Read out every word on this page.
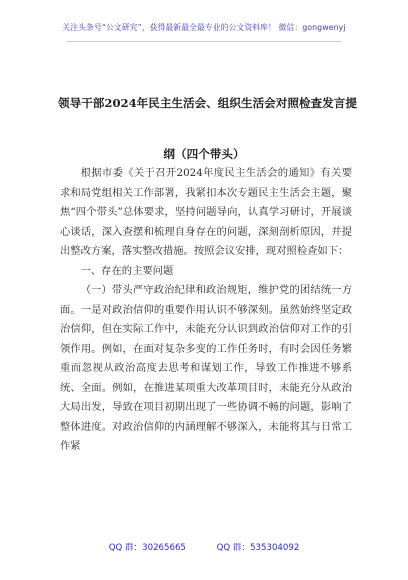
关注头条号“公文研究”，获得最新最全最专业的公文资料库！ 微信：gongwenyj
领导干部2024年民主生活会、组织生活会对照检查发言提
纲（四个带头）

根据市委《关于召开2024年度民主生活会的通知》有关要求和局党组相关工作部署，我紧扣本次专题民主生活会主题，聚焦“四个带头”总体要求，坚持问题导向，认真学习研讨，开展谈心谈话，深入查摆和梳理自身存在的问题，深刻剖析原因，并提出整改方案，落实整改措施。按照会议安排，现对照检查如下：

一、存在的主要问题

（一）带头严守政治纪律和政治规矩，维护党的团结统一方面。一是对政治信仰的重要作用认识不够深刻。虽然始终坚定政治信仰，但在实际工作中，未能充分认识到政治信仰对工作的引领作用。例如，在面对复杂多变的工作任务时，有时会因任务繁重而忽视从政治高度去思考和谋划工作，导致工作推进不够系统、全面。例如，在推进某项重大改革项目时，未能充分从政治大局出发，导致在项目初期出现了一些协调不畅的问题，影响了整体进度。对政治信仰的内涵理解不够深入，未能将其与日常工作紧

QQ 群：30265665	QQ 群：535304092
